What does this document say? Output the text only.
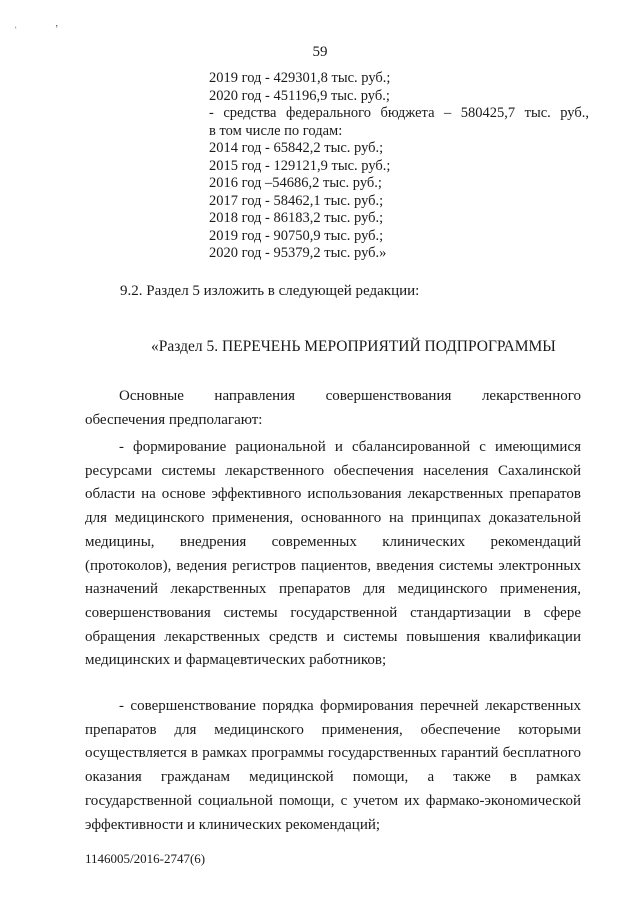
ʿ	’
59
2019 год - 429301,8 тыс. руб.;
2020 год - 451196,9 тыс. руб.;
- средства федерального бюджета – 580425,7 тыс. руб.,
в том числе по годам:
2014 год - 65842,2 тыс. руб.;
2015 год - 129121,9 тыс. руб.;
2016 год –54686,2 тыс. руб.;
2017 год - 58462,1 тыс. руб.;
2018 год - 86183,2 тыс. руб.;
2019 год - 90750,9 тыс. руб.;
2020 год - 95379,2 тыс. руб.»
9.2. Раздел 5 изложить в следующей редакции:
«Раздел 5. ПЕРЕЧЕНЬ МЕРОПРИЯТИЙ ПОДПРОГРАММЫ
Основные направления совершенствования лекарственного обеспечения предполагают:
- формирование рациональной и сбалансированной с имеющимися ресурсами системы лекарственного обеспечения населения Сахалинской области на основе эффективного использования лекарственных препаратов для медицинского применения, основанного на принципах доказательной медицины, внедрения современных клинических рекомендаций (протоколов), ведения регистров пациентов, введения системы электронных назначений лекарственных препаратов для медицинского применения, совершенствования системы государственной стандартизации в сфере обращения лекарственных средств и системы повышения квалификации медицинских и фармацевтических работников;
- совершенствование порядка формирования перечней лекарственных препаратов для медицинского применения, обеспечение которыми осуществляется в рамках программы государственных гарантий бесплатного оказания гражданам медицинской помощи, а также в рамках государственной социальной помощи, с учетом их фармако-экономической эффективности и клинических рекомендаций;
1146005/2016-2747(6)
